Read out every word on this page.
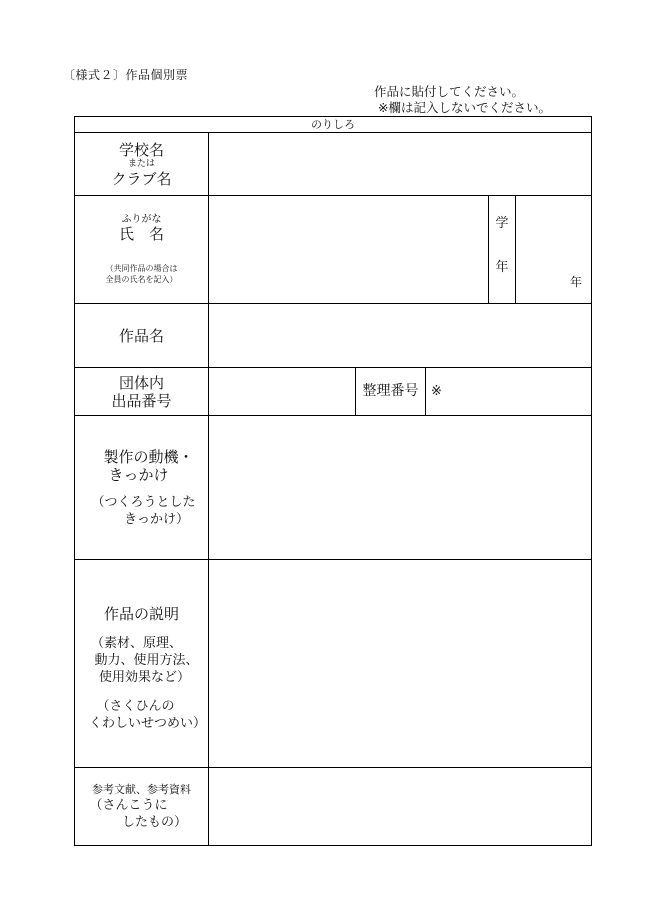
〔様式２〕作品個別票
作品に貼付してください。
※欄は記入しないでください。
のりしろ
学校名
または
クラブ名
ふりがな
氏　名
（共同作品の場合は
全員の氏名を記入）
学
年
年
作品名
団体内
出品番号
整理番号 ※
製作の動機・
きっかけ
（つくろうとした
きっかけ）
作品の説明
（素材、原理、
動力、使用方法、
使用効果など）
（さくひんの
くわしいせつめい）
参考文献、参考資料
（さんこうに
したもの）
